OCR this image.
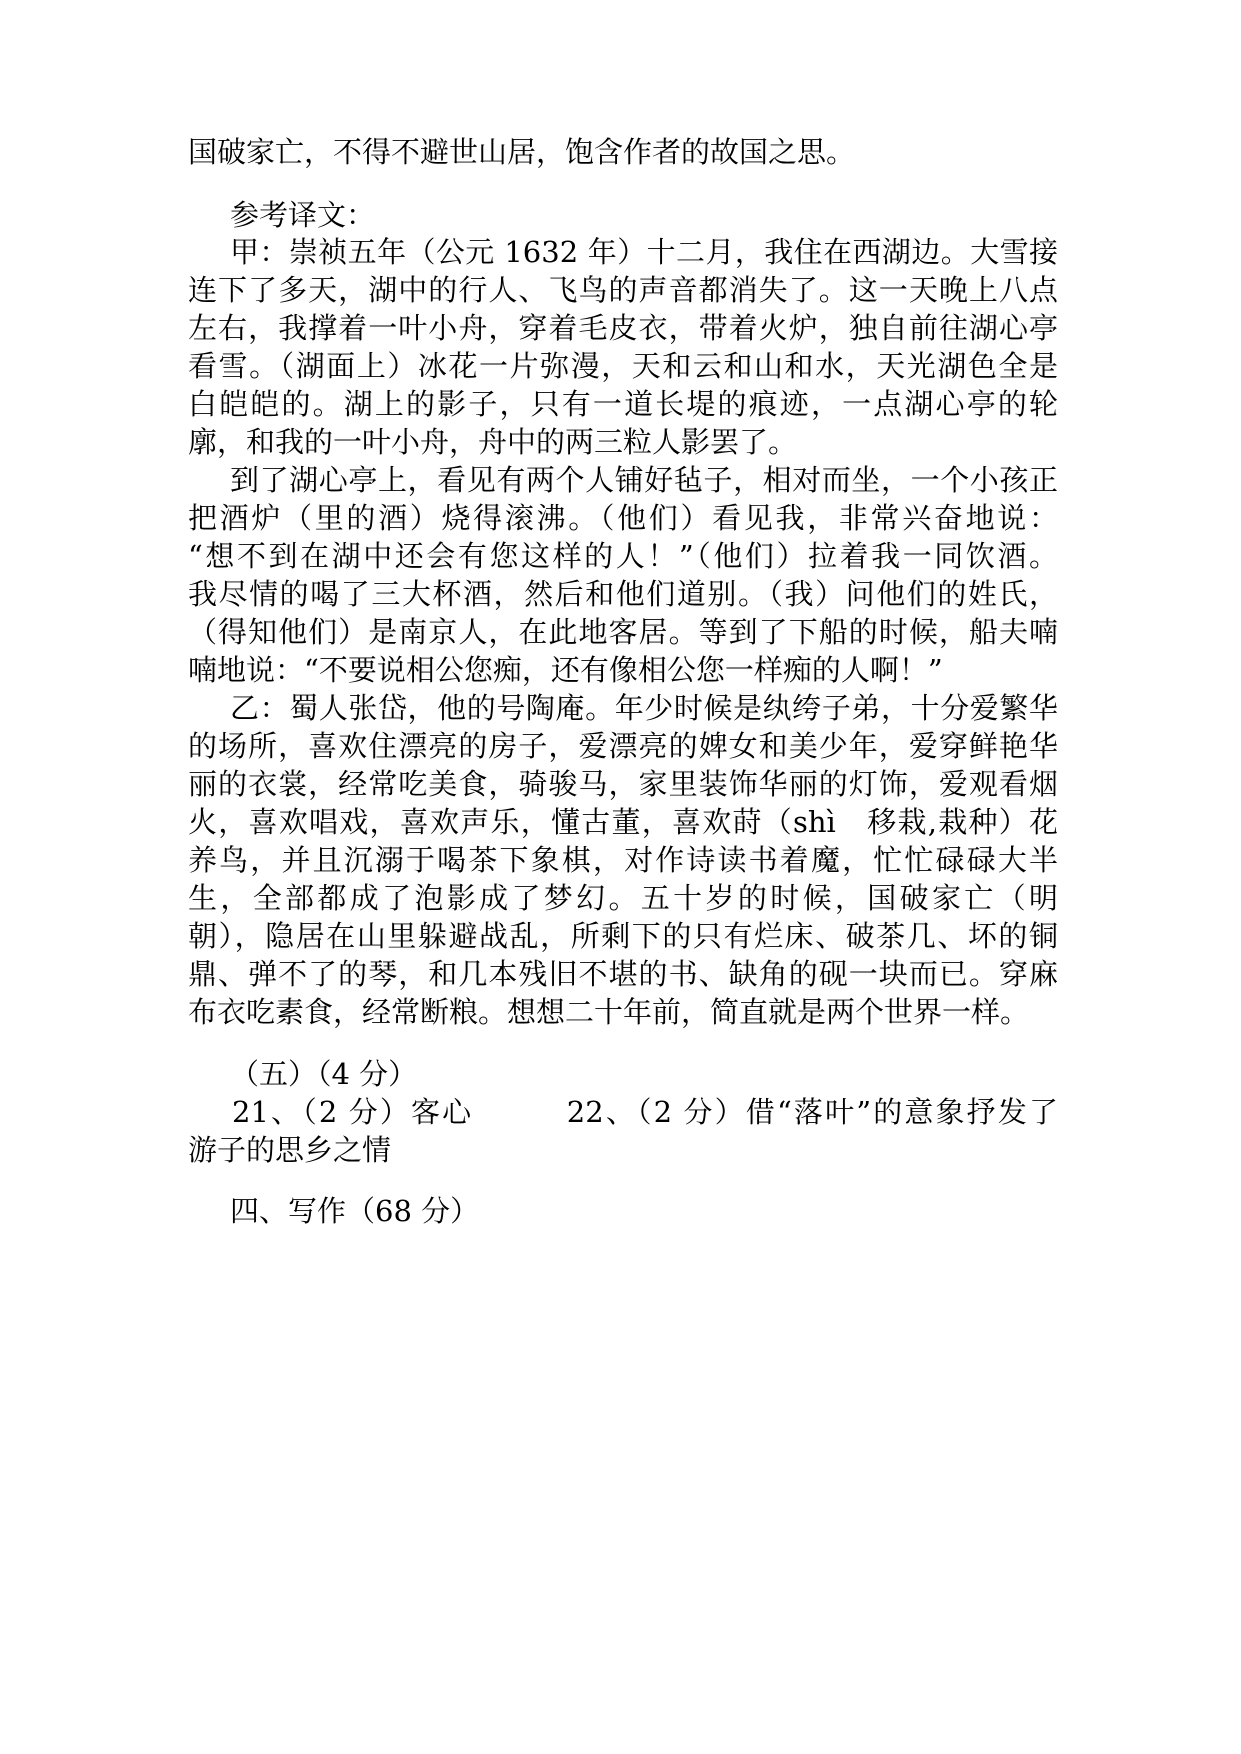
国破家亡，不得不避世山居，饱含作者的故国之思。
参考译文：
甲：崇祯五年（公元 1632 年）十二月，我住在西湖边。大雪接
连下了多天，湖中的行人、飞鸟的声音都消失了。这一天晚上八点
左右，我撑着一叶小舟，穿着毛皮衣，带着火炉，独自前往湖心亭
看雪。（湖面上）冰花一片弥漫，天和云和山和水，天光湖色全是
白皑皑的。湖上的影子，只有一道长堤的痕迹，一点湖心亭的轮
廓，和我的一叶小舟，舟中的两三粒人影罢了。
到了湖心亭上，看见有两个人铺好毡子，相对而坐，一个小孩正
把酒炉（里的酒）烧得滚沸。（他们）看见我，非常兴奋地说：
“想不到在湖中还会有您这样的人！”（他们）拉着我一同饮酒。
我尽情的喝了三大杯酒，然后和他们道别。（我）问他们的姓氏，
（得知他们）是南京人，在此地客居。等到了下船的时候，船夫喃
喃地说：“不要说相公您痴，还有像相公您一样痴的人啊！”
乙：蜀人张岱，他的号陶庵。年少时候是纨绔子弟，十分爱繁华
的场所，喜欢住漂亮的房子，爱漂亮的婢女和美少年，爱穿鲜艳华
丽的衣裳，经常吃美食，骑骏马，家里装饰华丽的灯饰，爱观看烟
火，喜欢唱戏，喜欢声乐，懂古董，喜欢莳（shì　移栽,栽种）花
养鸟，并且沉溺于喝茶下象棋，对作诗读书着魔，忙忙碌碌大半
生，全部都成了泡影成了梦幻。五十岁的时候，国破家亡（明
朝），隐居在山里躲避战乱，所剩下的只有烂床、破茶几、坏的铜
鼎、弹不了的琴，和几本残旧不堪的书、缺角的砚一块而已。穿麻
布衣吃素食，经常断粮。想想二十年前，简直就是两个世界一样。
（五）（4 分）
21、（2 分）客心　　　22、（2 分）借“落叶”的意象抒发了
游子的思乡之情
四、写作（68 分）
